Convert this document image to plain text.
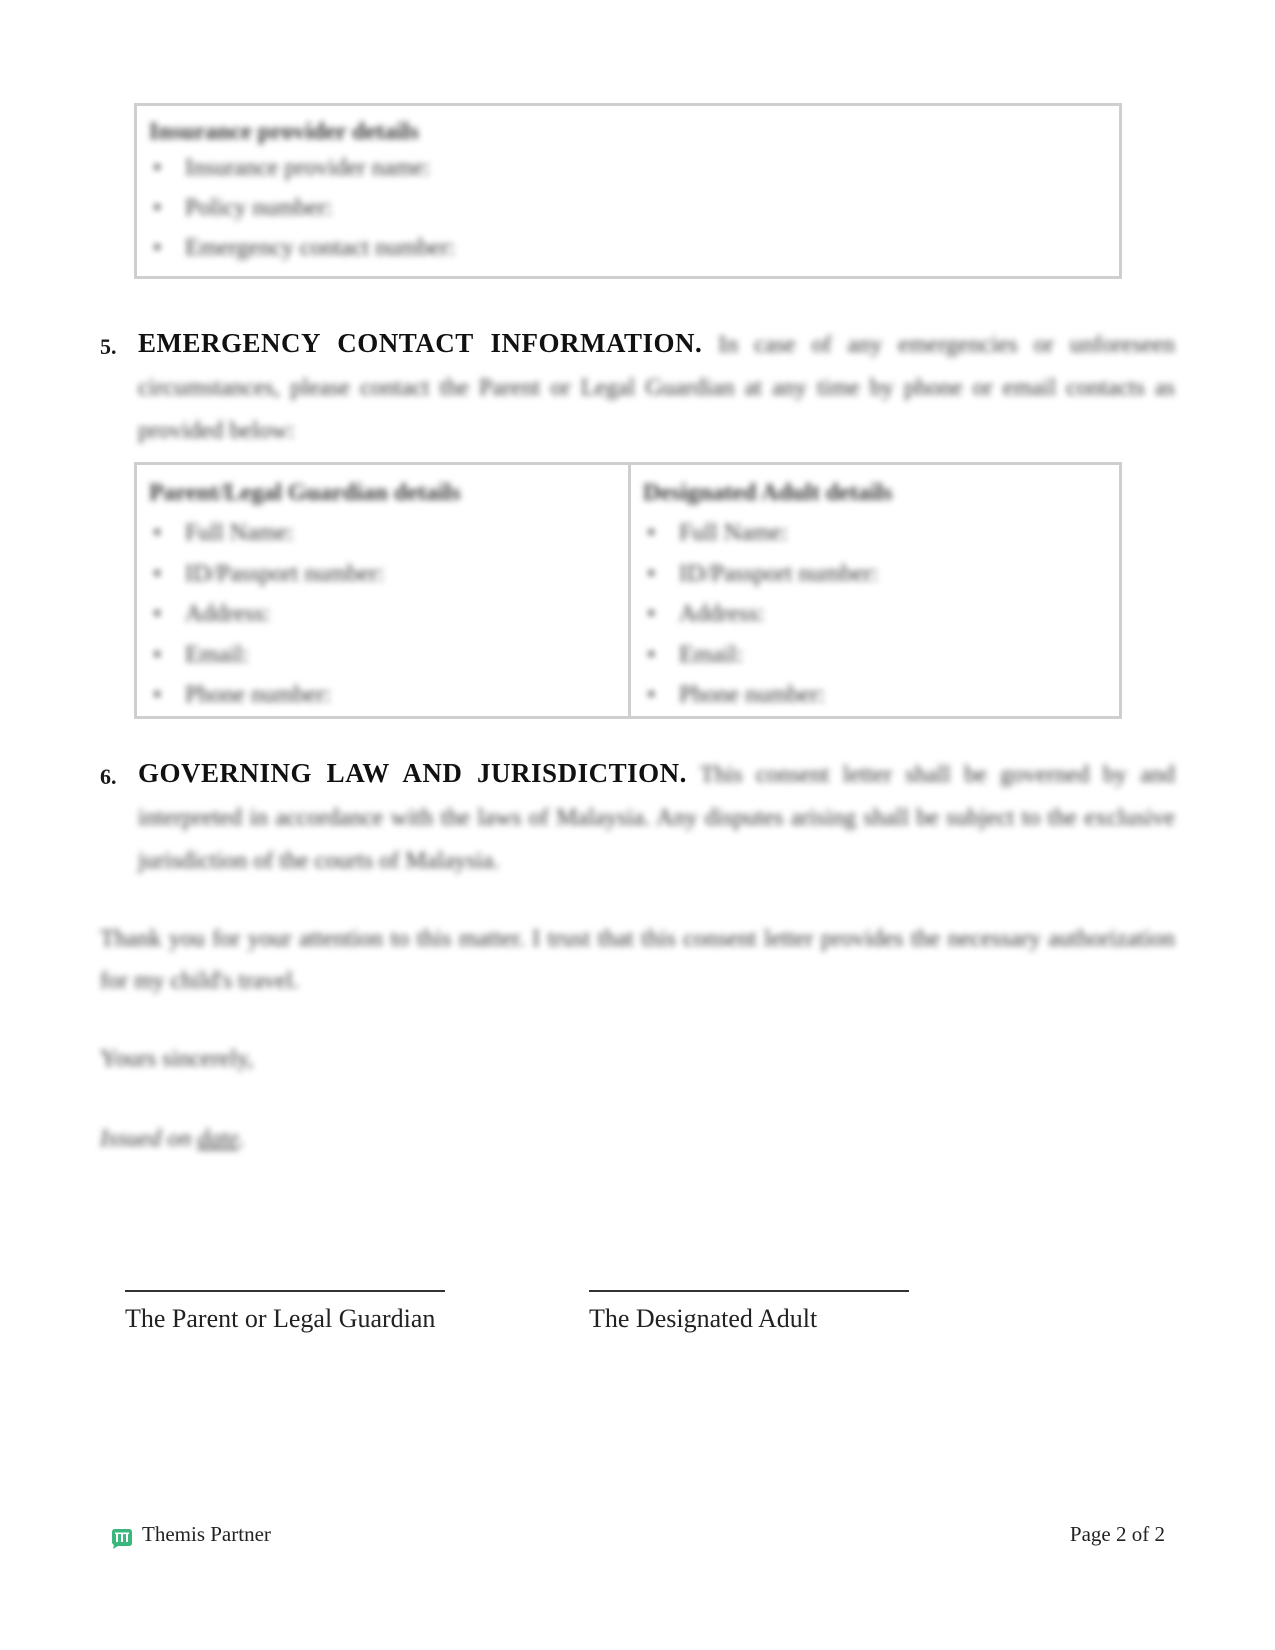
Insurance provider details
• Insurance provider name:
• Policy number:
• Emergency contact number:
5. EMERGENCY CONTACT INFORMATION. In case of any emergencies or unforeseen circumstances, please contact the Parent or Legal Guardian at any time by phone or email contacts as provided below:
Parent/Legal Guardian details
• Full Name:
• ID/Passport number:
• Address:
• Email:
• Phone number:
Designated Adult details
• Full Name:
• ID/Passport number:
• Address:
• Email:
• Phone number:
6. GOVERNING LAW AND JURISDICTION. This consent letter shall be governed by and interpreted in accordance with the laws of Malaysia. Any disputes arising shall be subject to the exclusive jurisdiction of the courts of Malaysia.
Thank you for your attention to this matter. I trust that this consent letter provides the necessary authorization for my child's travel.
Yours sincerely,
Issued on date.
The Parent or Legal Guardian	The Designated Adult
Themis Partner	Page 2 of 2
